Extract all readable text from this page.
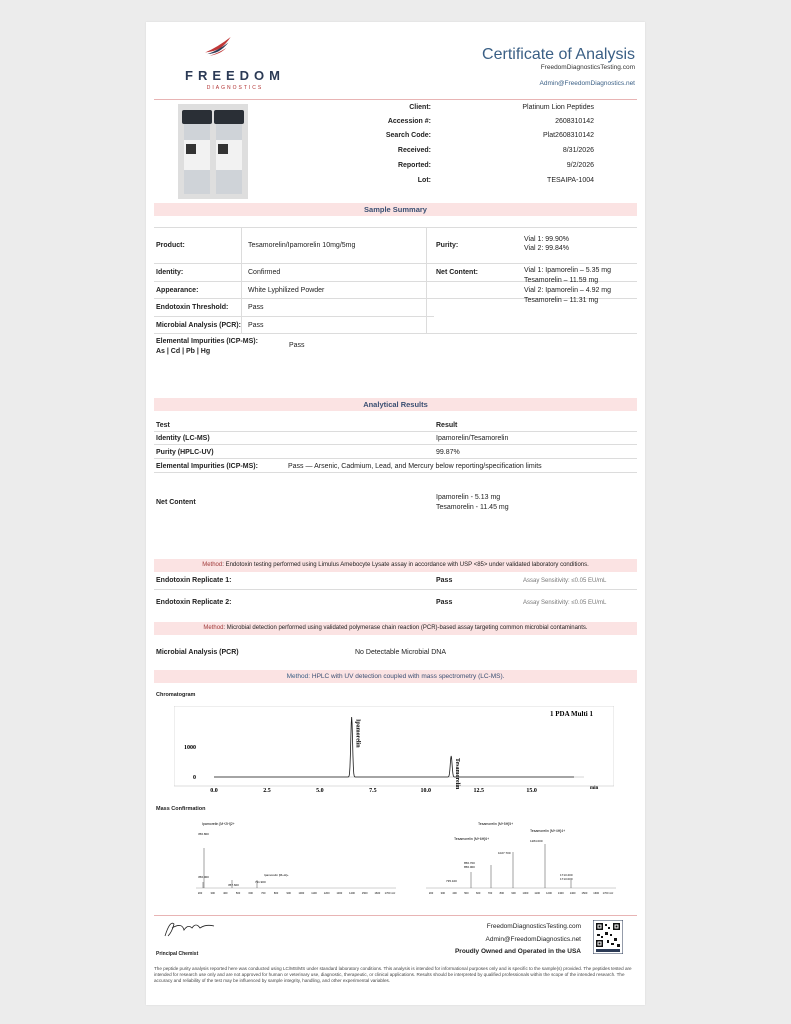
FREEDOM
DIAGNOSTICS
Certificate of Analysis
FreedomDiagnosticsTesting.com
Admin@FreedomDiagnostics.net
Client:	Platinum Lion Peptides
Accession #:	2608310142
Search Code:	Plat2608310142
Received:	8/31/2026
Reported:	9/2/2026
Lot:	TESAIPA-1004
Sample Summary
Product:	Tesamorelin/Ipamorelin 10mg/5mg	Purity:
Vial 1: 99.90%
Vial 2: 99.84%
Identity:	Confirmed	Net Content:	Vial 1: Ipamorelin – 5.35 mg
Tesamorelin – 11.59 mg
Vial 2: Ipamorelin – 4.92 mg
Tesamorelin – 11.31 mg
Appearance:	White Lyphilized Powder
Endotoxin Threshold:	Pass
Microbial Analysis (PCR): Pass
Elemental Impurities (ICP-MS):
As | Cd | Pb | Hg
Pass
Analytical Results
Test	Result
Identity (LC-MS)	Ipamorelin/Tesamorelin
Purity (HPLC-UV)	99.87%
Elemental Impurities (ICP-MS):	Pass — Arsenic, Cadmium, Lead, and Mercury below reporting/specification limits
Net Content
Ipamorelin - 5.13 mg
Tesamorelin - 11.45 mg
Method: Endotoxin testing performed using Limulus Amebocyte Lysate assay in accordance with USP <85> under validated laboratory conditions.
Endotoxin Replicate 1:	Pass	Assay Sensitivity: ≤0.05 EU/mL
Endotoxin Replicate 2:	Pass	Assay Sensitivity: ≤0.05 EU/mL
Method: Microbial detection performed using validated polymerase chain reaction (PCR)-based assay targeting common microbial contaminants.
Microbial Analysis (PCR)	No Detectable Microbial DNA
Method: HPLC with UV detection coupled with mass spectrometry (LC-MS).
Chromatogram
1 PDA Multi 1
0.0	2.5	5.0	7.5	10.0	12.5	15.0	min
0
1000
Ipamorelin
Tesamorelin
Mass Confirmation
Ipamorelin [M+2H]2+
356.800
356.000
357.600
Ipamorelin [M+H]+
711.900
Tesamorelin [M+5H]5+
Tesamorelin [M+6H]6+
856.700
856.000
1027.700
1284.000
Tesamorelin [M+4H]4+
1713.200
1713.000
735.100
200	300	400	500	600	700	800	900	1000	1100	1200	1300	1400	1500	1600 1700 m/z	200	300	400	500	600	700	800	900	1000 1100 1200 1300 1400 1500 1600 1700 m/z
Principal Chemist
FreedomDiagnosticsTesting.com
Admin@FreedomDiagnostics.net
Proudly Owned and Operated in the USA
The peptide purity analysis reported here was conducted using LC/MS/MS under standard laboratory conditions. This analysis is intended for informational purposes only and is specific to the sample(s) provided. The peptides tested are intended for research use only and are not approved for human or veterinary use, diagnostic, therapeutic, or clinical applications. Results should be interpreted by qualified professionals within the scope of the intended research. The accuracy and reliability of the test may be influenced by sample integrity, handling, and other experimental variables.
